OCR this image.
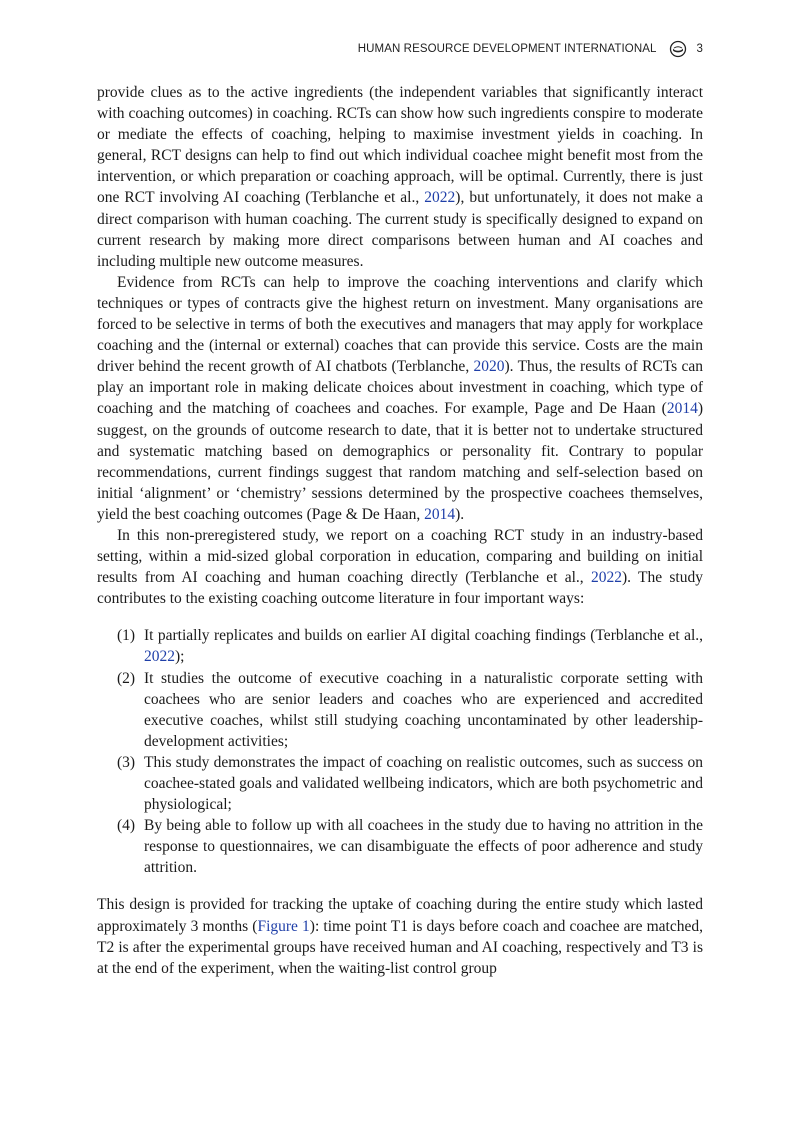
HUMAN RESOURCE DEVELOPMENT INTERNATIONAL	3

provide clues as to the active ingredients (the independent variables that significantly interact with coaching outcomes) in coaching. RCTs can show how such ingredients conspire to moderate or mediate the effects of coaching, helping to maximise investment yields in coaching. In general, RCT designs can help to find out which individual coachee might benefit most from the intervention, or which preparation or coaching approach, will be optimal. Currently, there is just one RCT involving AI coaching (Terblanche et al., 2022), but unfortunately, it does not make a direct comparison with human coaching. The current study is specifically designed to expand on current research by making more direct comparisons between human and AI coaches and including multiple new outcome measures.

Evidence from RCTs can help to improve the coaching interventions and clarify which techniques or types of contracts give the highest return on investment. Many organisations are forced to be selective in terms of both the executives and managers that may apply for workplace coaching and the (internal or external) coaches that can provide this service. Costs are the main driver behind the recent growth of AI chatbots (Terblanche, 2020). Thus, the results of RCTs can play an important role in making delicate choices about investment in coaching, which type of coaching and the matching of coachees and coaches. For example, Page and De Haan (2014) suggest, on the grounds of outcome research to date, that it is better not to undertake structured and systematic matching based on demographics or personality fit. Contrary to popular recommendations, current findings suggest that random matching and self-selection based on initial ‘alignment’ or ‘chemistry’ sessions determined by the prospective coachees themselves, yield the best coaching outcomes (Page & De Haan, 2014).

In this non-preregistered study, we report on a coaching RCT study in an industry-based setting, within a mid-sized global corporation in education, comparing and building on initial results from AI coaching and human coaching directly (Terblanche et al., 2022). The study contributes to the existing coaching outcome literature in four important ways:

(1) It partially replicates and builds on earlier AI digital coaching findings (Terblanche et al., 2022);
(2) It studies the outcome of executive coaching in a naturalistic corporate setting with coachees who are senior leaders and coaches who are experienced and accredited executive coaches, whilst still studying coaching uncontaminated by other leadership-development activities;
(3) This study demonstrates the impact of coaching on realistic outcomes, such as success on coachee-stated goals and validated wellbeing indicators, which are both psychometric and physiological;
(4) By being able to follow up with all coachees in the study due to having no attrition in the response to questionnaires, we can disambiguate the effects of poor adherence and study attrition.

This design is provided for tracking the uptake of coaching during the entire study which lasted approximately 3 months (Figure 1): time point T1 is days before coach and coachee are matched, T2 is after the experimental groups have received human and AI coaching, respectively and T3 is at the end of the experiment, when the waiting-list control group
